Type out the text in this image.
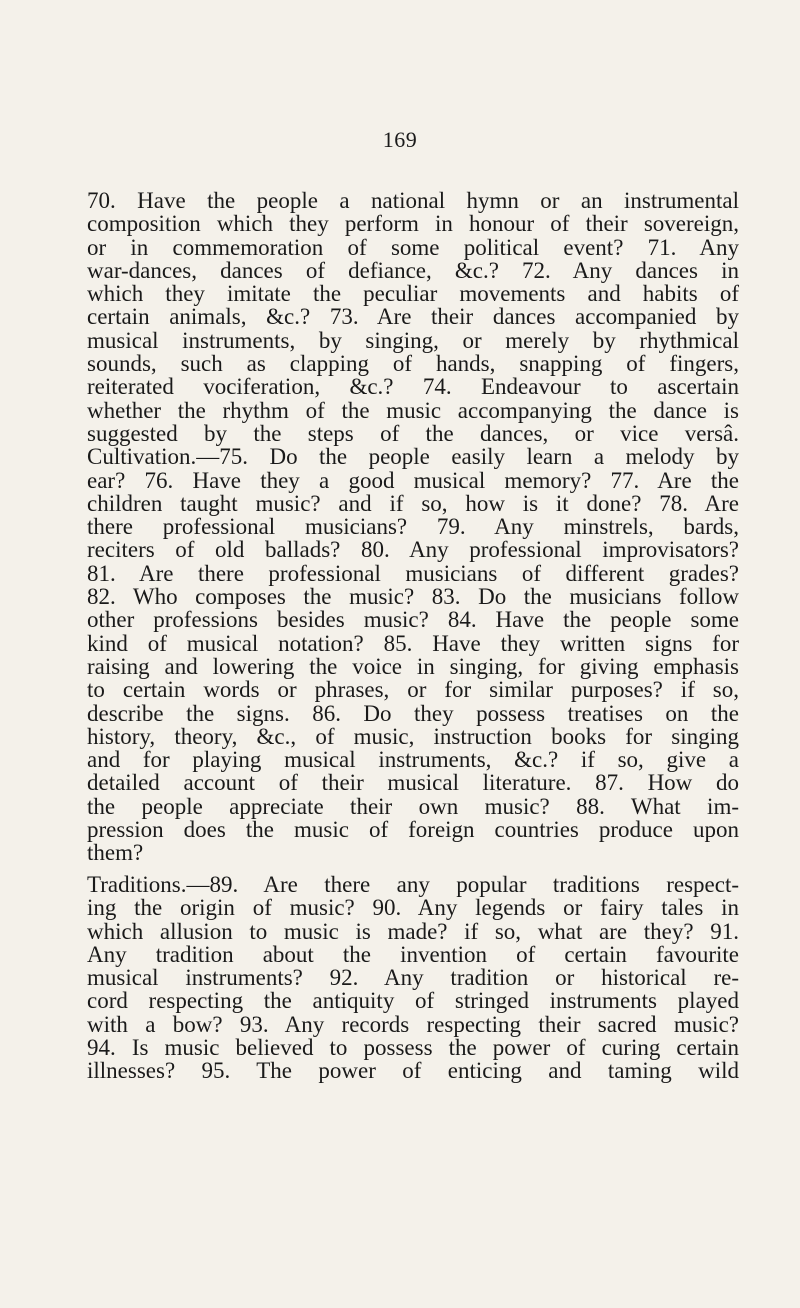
169
70. Have the people a national hymn or an instrumental
composition which they perform in honour of their sovereign,
or in commemoration of some political event? 71. Any
war-dances, dances of defiance, &c.? 72. Any dances in
which they imitate the peculiar movements and habits of
certain animals, &c.? 73. Are their dances accompanied by
musical instruments, by singing, or merely by rhythmical
sounds, such as clapping of hands, snapping of fingers,
reiterated vociferation, &c.? 74. Endeavour to ascertain
whether the rhythm of the music accompanying the dance is
suggested by the steps of the dances, or vice versâ.
Cultivation.—75. Do the people easily learn a melody by
ear? 76. Have they a good musical memory? 77. Are the
children taught music? and if so, how is it done? 78. Are
there professional musicians? 79. Any minstrels, bards,
reciters of old ballads? 80. Any professional improvisators?
81. Are there professional musicians of different grades?
82. Who composes the music? 83. Do the musicians follow
other professions besides music? 84. Have the people some
kind of musical notation? 85. Have they written signs for
raising and lowering the voice in singing, for giving emphasis
to certain words or phrases, or for similar purposes? if so,
describe the signs. 86. Do they possess treatises on the
history, theory, &c., of music, instruction books for singing
and for playing musical instruments, &c.? if so, give a
detailed account of their musical literature. 87. How do
the people appreciate their own music? 88. What im-
pression does the music of foreign countries produce upon
them?
Traditions.—89. Are there any popular traditions respect-
ing the origin of music? 90. Any legends or fairy tales in
which allusion to music is made? if so, what are they? 91.
Any tradition about the invention of certain favourite
musical instruments? 92. Any tradition or historical re-
cord respecting the antiquity of stringed instruments played
with a bow? 93. Any records respecting their sacred music?
94. Is music believed to possess the power of curing certain
illnesses? 95. The power of enticing and taming wild
